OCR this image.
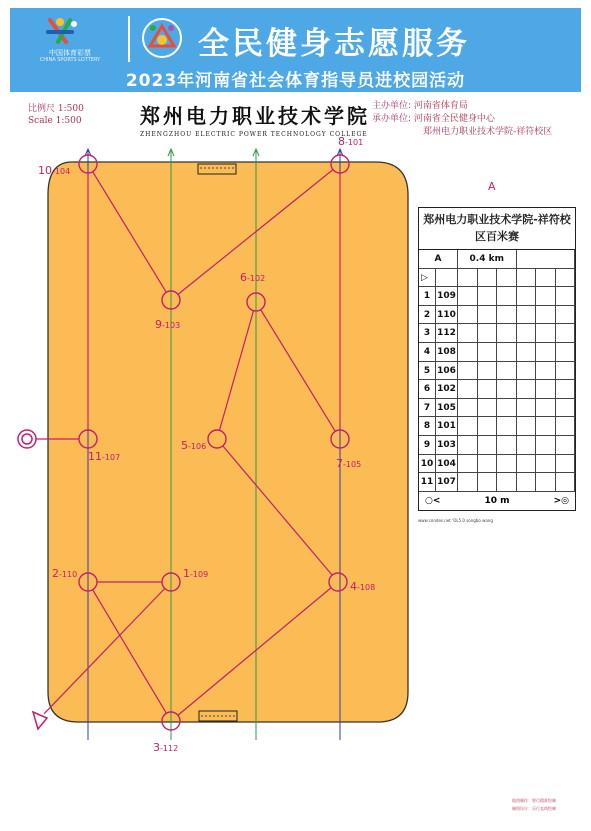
中国体育彩票
CHINA SPORTS LOTTERY	全民健身志愿服务
2023年河南省社会体育指导员进校园活动
比例尺 1:500
Scale 1:500	郑州电力职业技术学院
ZHENGZHOU ELECTRIC POWER TECHNOLOGY COLLEGE
主办单位: 河南省体育局
承办单位: 河南省全民健身中心
郑州电力职业技术学院-祥符校区
1-109
2-110
3-112
4-108
5-106
6-102
7-105
8-101
9-103
10-104
11-107
A
郑州电力职业技术学院-祥符校区百米赛
A	0.4 km
▷
1 109
2 110
3 112
4 108
5 106
6 102
7 105
8 101
9 103
10 104
11 107
○<	10 m	>◎
www.condes.net 'OL5.0 songbo wang
地图制作：智行精准绘制
制图设计：乐行直线绘制
